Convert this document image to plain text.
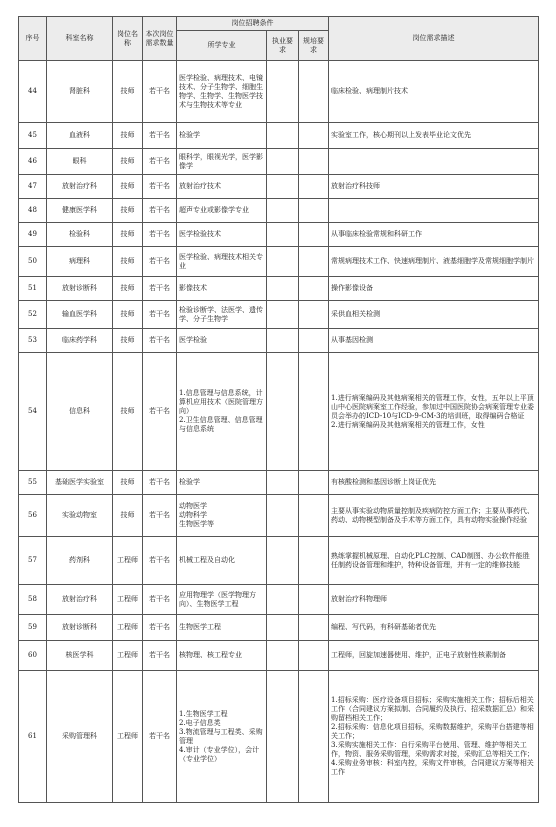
序号	科室名称	岗位名称	本次岗位需求数量	岗位招聘条件			岗位需求描述
				所学专业	执业要求	规培要求	
44	肾脏科	技师	若干名	医学检验、病理技术、电镜技术、分子生物学、细胞生物学、生物学、生物医学技术与生物技术等专业			临床检验、病理制片技术
45	血液科	技师	若干名	检验学			实验室工作，核心期刊以上发表毕业论文优先
46	眼科	技师	若干名	眼科学，眼视光学，医学影像学			
47	放射治疗科	技师	若干名	放射治疗技术			放射治疗科技师
48	健康医学科	技师	若干名	超声专业或影像学专业			
49	检验科	技师	若干名	医学检验技术			从事临床检验常规和科研工作
50	病理科	技师	若干名	医学检验、病理技术相关专业			常规病理技术工作、快速病理制片、液基细胞学及常规细胞学制片
51	放射诊断科	技师	若干名	影像技术			操作影像设备
52	输血医学科	技师	若干名	检验诊断学、法医学、遗传学、分子生物学			采供血相关检测
53	临床药学科	技师	若干名	医学检验			从事基因检测
54	信息科	技师	若干名	1.信息管理与信息系统，计算机应用技术（医院管理方向）
2.卫生信息管理、信息管理与信息系统			1.进行病案编码及其他病案相关的管理工作，女性，五年以上平顶山中心医院病案室工作经验，参加过中国医院协会病案管理专业委员会举办的ICD-10与ICD-9-CM-3的培训班，取得编码合格证
2.进行病案编码及其他病案相关的管理工作，女性
55	基础医学实验室	技师	若干名	检验学			有核酸检测和基因诊断上岗证优先
56	实验动物室	技师	若干名	动物医学
动物科学
生物医学等			主要从事实验动物质量控制及疾病防控方面工作；主要从事药代、药动、动物模型制备及手术等方面工作，具有动物实验操作经验
57	药剂科	工程师	若干名	机械工程及自动化			熟练掌握机械原理、自动化PLC控制、CAD制图、办公软件能胜任制药设备管理和维护，特种设备管理，并有一定的维修技能
58	放射治疗科	工程师	若干名	应用物理学（医学物理方向）、生物医学工程			放射治疗科物理师
59	放射诊断科	工程师	若干名	生物医学工程			编程、写代码，有科研基础者优先
60	核医学科	工程师	若干名	核物理、核工程专业			工程师，回旋加速器使用、维护，正电子放射性核素制备
61	采购管理科	工程师	若干名	1.生物医学工程
2.电子信息类
3.物流管理与工程类、采购管理
4.审计（专业学位），会计（专业学位）			1.招标采购：医疗设备项目招标；采购实施相关工作；招标后相关工作（合同建议方案拟制、合同履约及执行、招采数据汇总）和采购留档相关工作；
2.招标采购：信息化项目招标，采购数据维护，采购平台搭建等相关工作；
3.采购实施相关工作：自行采购平台使用、管理、维护等相关工作，物资、服务采购管理，采购需求对接，采购汇总等相关工作；
4.采购业务审核：科室内控，采购文件审核，合同建议方案等相关工作
